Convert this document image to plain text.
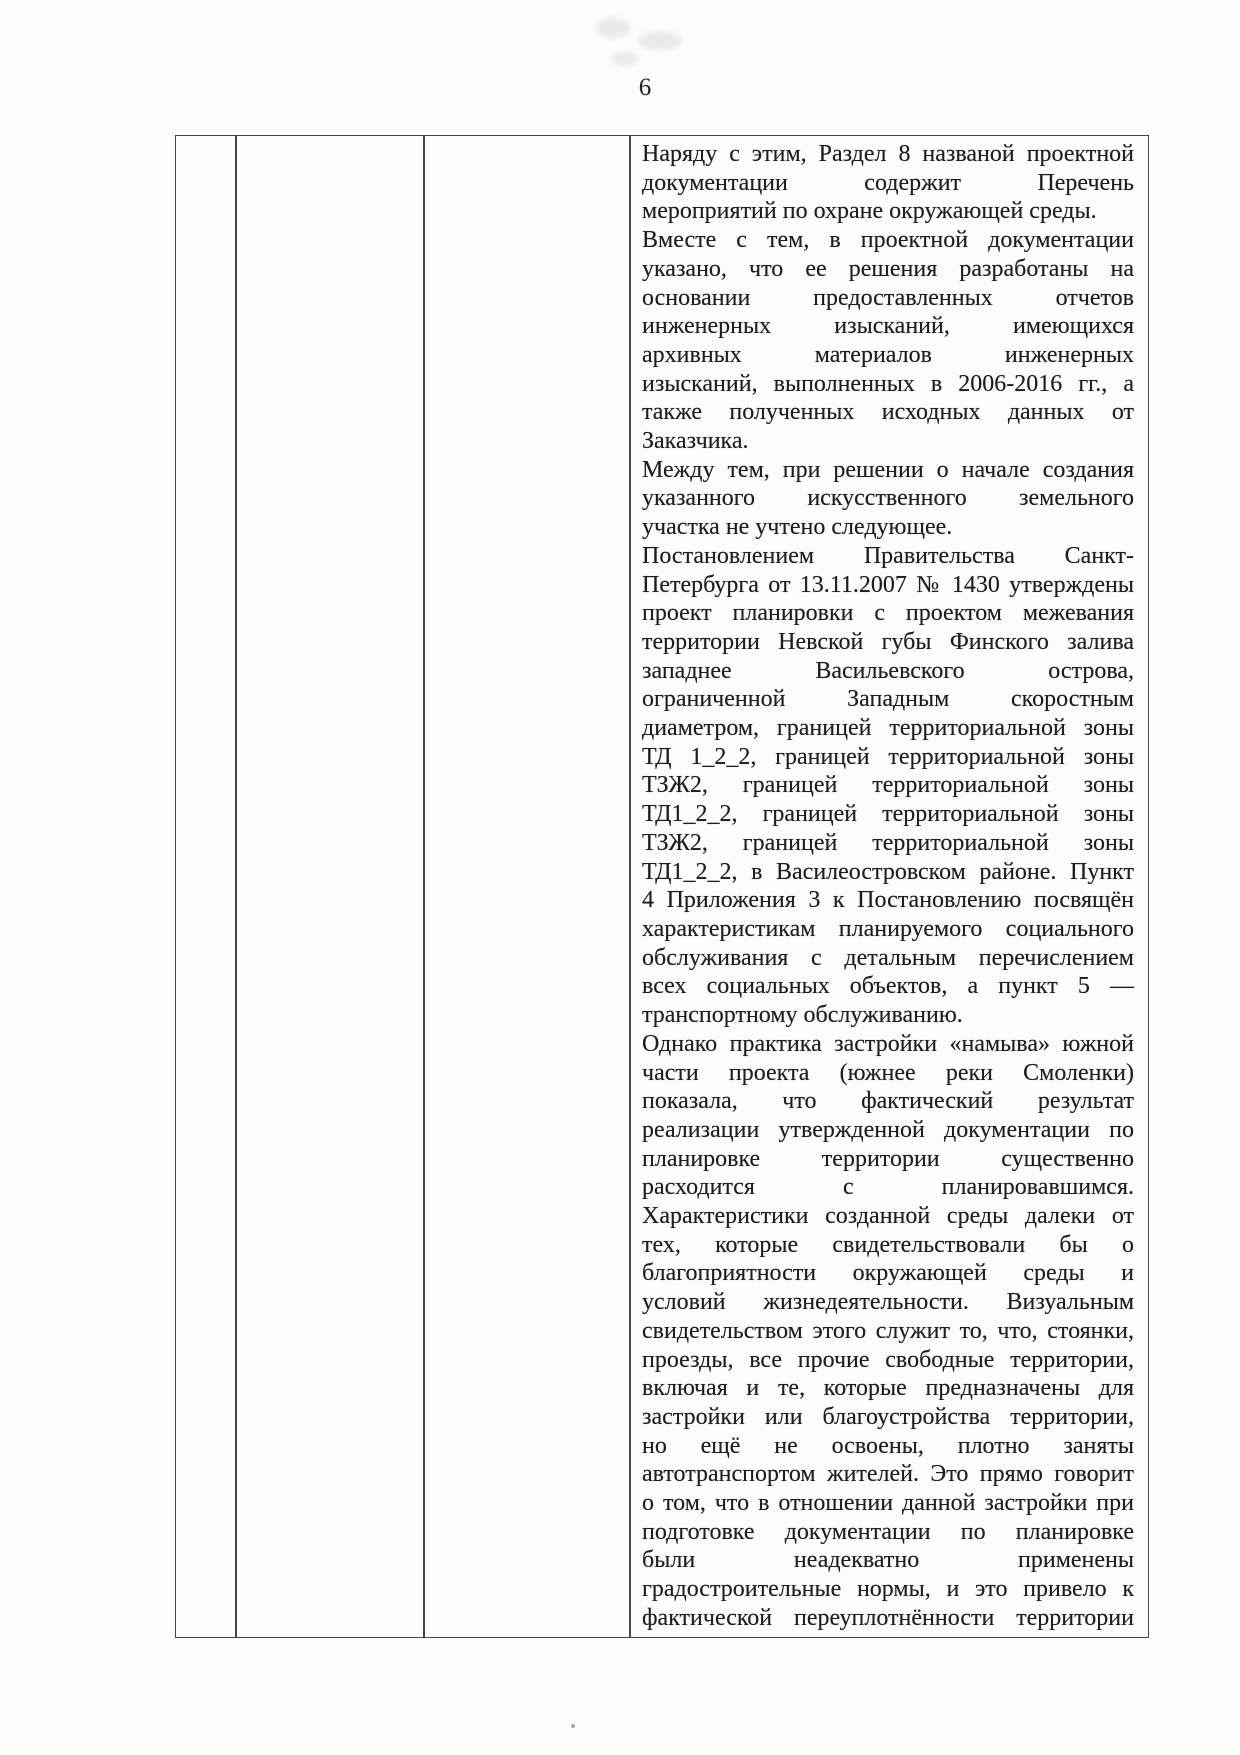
6
Наряду с этим, Раздел 8 названой проектной
документации содержит Перечень
мероприятий по охране окружающей среды.
Вместе с тем, в проектной документации
указано, что ее решения разработаны на
основании предоставленных отчетов
инженерных изысканий, имеющихся
архивных материалов инженерных
изысканий, выполненных в 2006-2016 гг., а
также полученных исходных данных от
Заказчика.
Между тем, при решении о начале создания
указанного искусственного земельного
участка не учтено следующее.
Постановлением Правительства Санкт-
Петербурга от 13.11.2007 № 1430 утверждены
проект планировки с проектом межевания
территории Невской губы Финского залива
западнее Васильевского острова,
ограниченной Западным скоростным
диаметром, границей территориальной зоны
ТД 1_2_2, границей территориальной зоны
ТЗЖ2, границей территориальной зоны
ТД1_2_2, границей территориальной зоны
ТЗЖ2, границей территориальной зоны
ТД1_2_2, в Василеостровском районе. Пункт
4 Приложения 3 к Постановлению посвящён
характеристикам планируемого социального
обслуживания с детальным перечислением
всех социальных объектов, а пункт 5 —
транспортному обслуживанию.
Однако практика застройки «намыва» южной
части проекта (южнее реки Смоленки)
показала, что фактический результат
реализации утвержденной документации по
планировке территории существенно
расходится с планировавшимся.
Характеристики созданной среды далеки от
тех, которые свидетельствовали бы о
благоприятности окружающей среды и
условий жизнедеятельности. Визуальным
свидетельством этого служит то, что, стоянки,
проезды, все прочие свободные территории,
включая и те, которые предназначены для
застройки или благоустройства территории,
но ещё не освоены, плотно заняты
автотранспортом жителей. Это прямо говорит
о том, что в отношении данной застройки при
подготовке документации по планировке
были неадекватно применены
градостроительные нормы, и это привело к
фактической переуплотнённости территории
